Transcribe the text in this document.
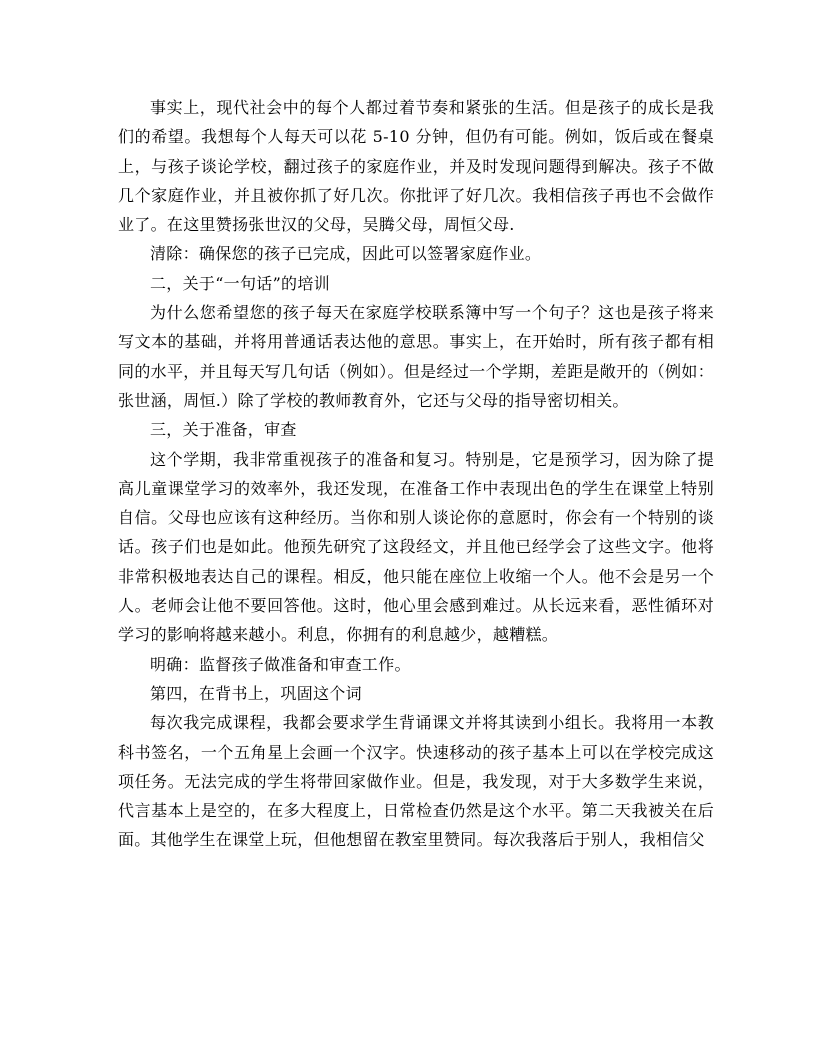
事实上，现代社会中的每个人都过着节奏和紧张的生活。但是孩子的成长是我们的希望。我想每个人每天可以花 5-10 分钟，但仍有可能。例如，饭后或在餐桌上，与孩子谈论学校，翻过孩子的家庭作业，并及时发现问题得到解决。孩子不做几个家庭作业，并且被你抓了好几次。你批评了好几次。我相信孩子再也不会做作业了。在这里赞扬张世汉的父母，吴腾父母，周恒父母.

清除：确保您的孩子已完成，因此可以签署家庭作业。

二，关于“一句话”的培训

为什么您希望您的孩子每天在家庭学校联系簿中写一个句子？这也是孩子将来写文本的基础，并将用普通话表达他的意思。事实上，在开始时，所有孩子都有相同的水平，并且每天写几句话（例如）。但是经过一个学期，差距是敞开的（例如：张世涵，周恒.）除了学校的教师教育外，它还与父母的指导密切相关。

三，关于准备，审查

这个学期，我非常重视孩子的准备和复习。特别是，它是预学习，因为除了提高儿童课堂学习的效率外，我还发现，在准备工作中表现出色的学生在课堂上特别自信。父母也应该有这种经历。当你和别人谈论你的意愿时，你会有一个特别的谈话。孩子们也是如此。他预先研究了这段经文，并且他已经学会了这些文字。他将非常积极地表达自己的课程。相反，他只能在座位上收缩一个人。他不会是另一个人。老师会让他不要回答他。这时，他心里会感到难过。从长远来看，恶性循环对学习的影响将越来越小。利息，你拥有的利息越少，越糟糕。

明确：监督孩子做准备和审查工作。

第四，在背书上，巩固这个词

每次我完成课程，我都会要求学生背诵课文并将其读到小组长。我将用一本教科书签名，一个五角星上会画一个汉字。快速移动的孩子基本上可以在学校完成这项任务。无法完成的学生将带回家做作业。但是，我发现，对于大多数学生来说，代言基本上是空的，在多大程度上，日常检查仍然是这个水平。第二天我被关在后面。其他学生在课堂上玩，但他想留在教室里赞同。每次我落后于别人，我相信父
